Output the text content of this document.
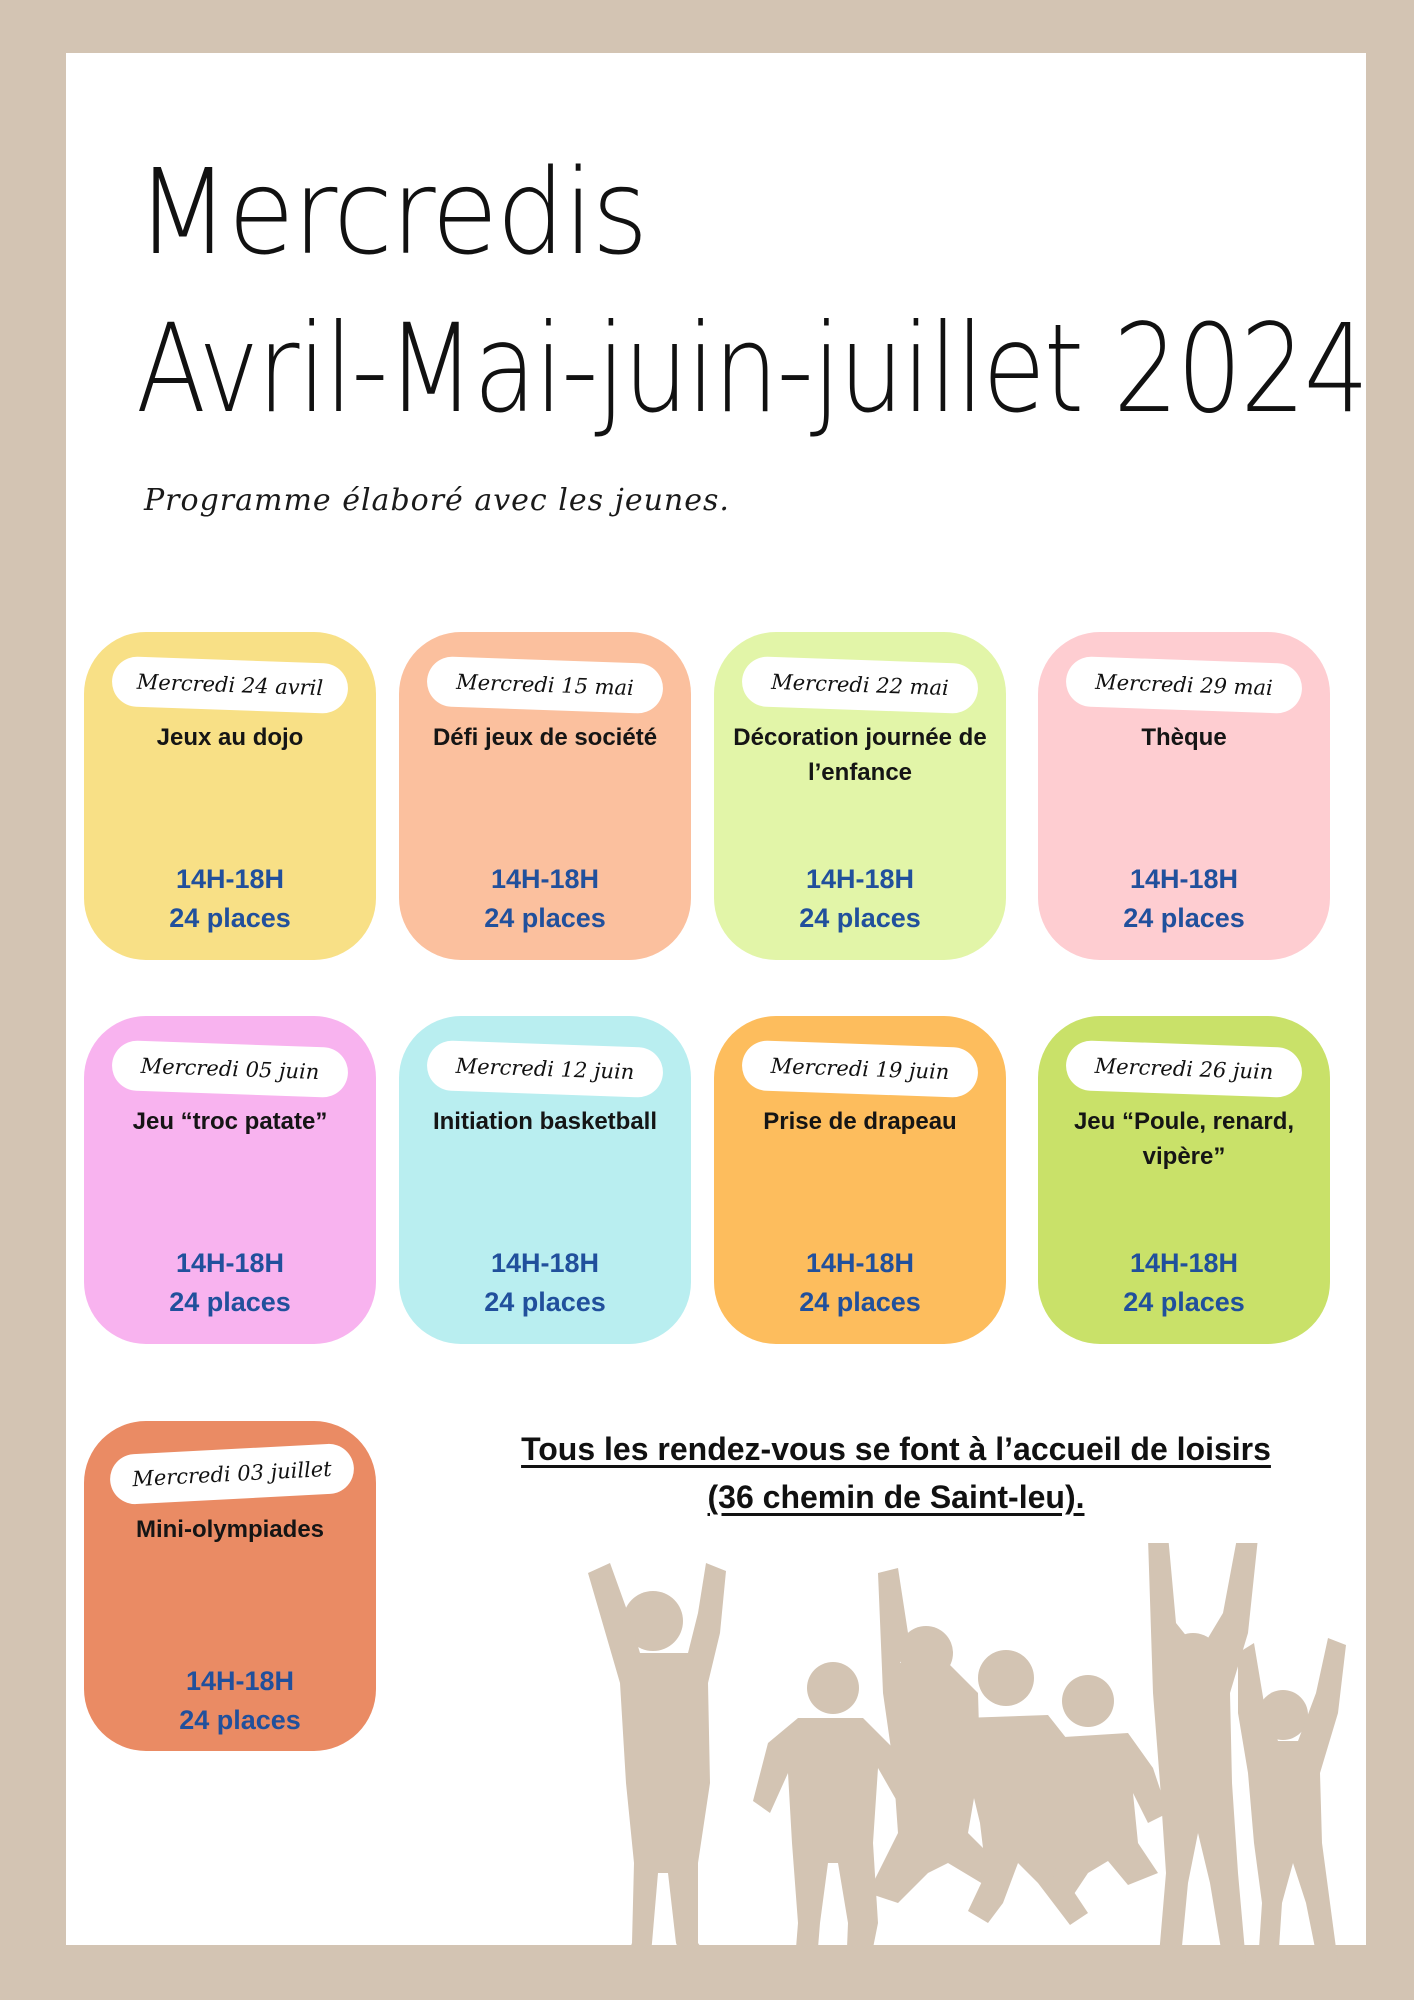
Mercredis
Avril-Mai-juin-juillet 2024

Programme élaboré avec les jeunes.

Mercredi 24 avril
Jeux au dojo
14H-18H
24 places
Mercredi 15 mai
Défi jeux de société
14H-18H
24 places
Mercredi 22 mai
Décoration journée de l’enfance
14H-18H
24 places
Mercredi 29 mai
Thèque
14H-18H
24 places
Mercredi 05 juin
Jeu “troc patate”
14H-18H
24 places
Mercredi 12 juin
Initiation basketball
14H-18H
24 places
Mercredi 19 juin
Prise de drapeau
14H-18H
24 places
Mercredi 26 juin
Jeu “Poule, renard, vipère”
14H-18H
24 places
Mercredi 03 juillet
Mini-olympiades
14H-18H
24 places
Tous les rendez-vous se font à l’accueil de loisirs
(36 chemin de Saint-leu).
